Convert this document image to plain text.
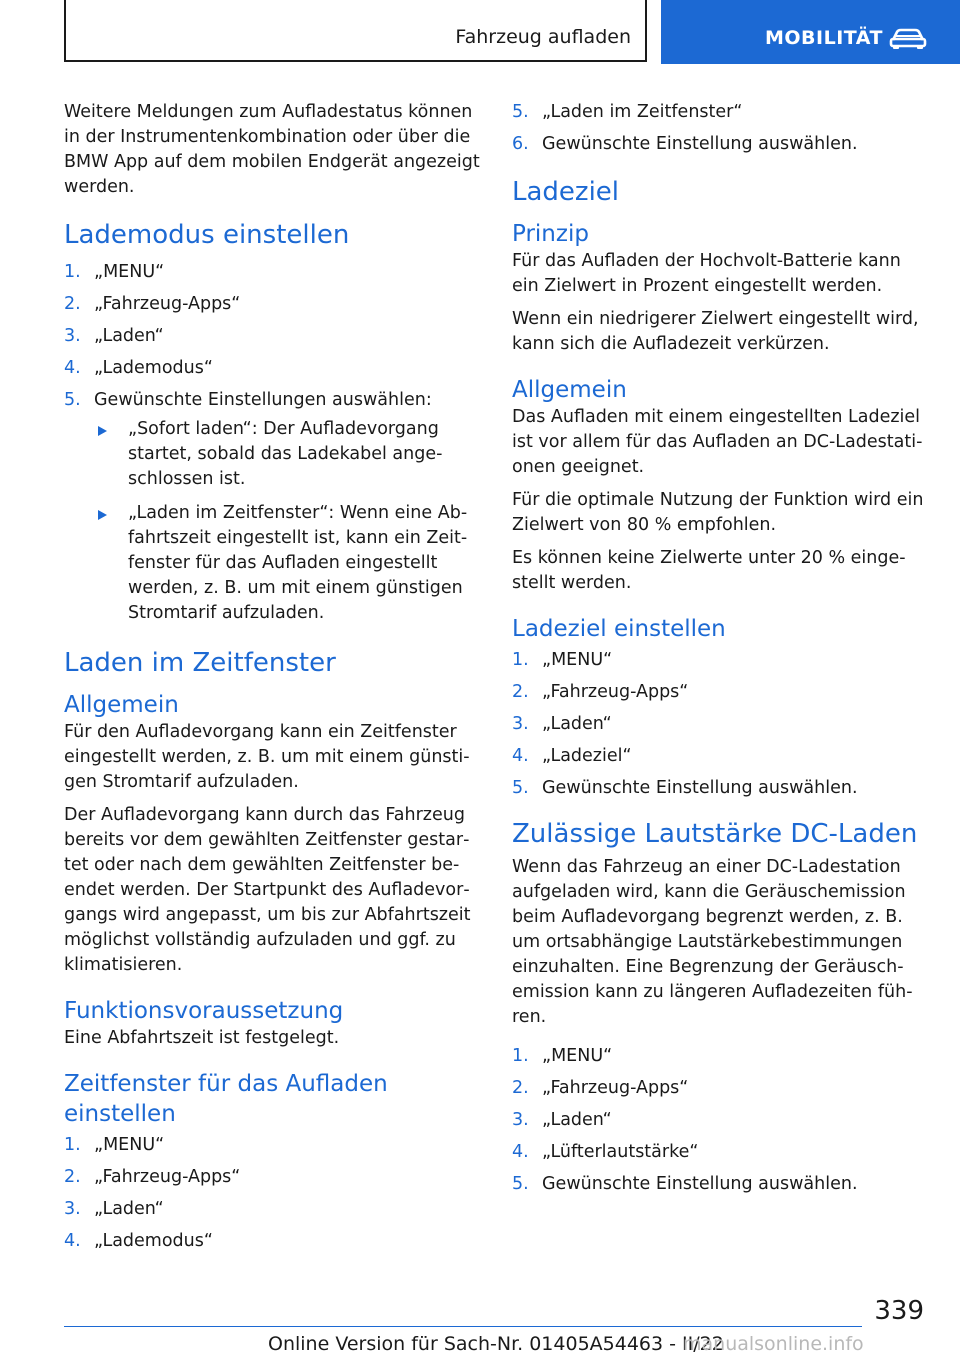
Fahrzeug aufladen	MOBILITÄT

Weitere Meldungen zum Aufladestatus können in der Instrumentenkombination oder über die BMW App auf dem mobilen Endgerät angezeigt werden.

Lademodus einstellen
1. „MENU“
2. „Fahrzeug-Apps“
3. „Laden“
4. „Lademodus“
5. Gewünschte Einstellungen auswählen:
„Sofort laden“: Der Aufladevorgang startet, sobald das Ladekabel angeschlossen ist.
„Laden im Zeitfenster“: Wenn eine Abfahrtszeit eingestellt ist, kann ein Zeitfenster für das Aufladen eingestellt werden, z. B. um mit einem günstigen Stromtarif aufzuladen.
Laden im Zeitfenster
Allgemein

Für den Aufladevorgang kann ein Zeitfenster eingestellt werden, z. B. um mit einem günstigen Stromtarif aufzuladen.

Der Aufladevorgang kann durch das Fahrzeug bereits vor dem gewählten Zeitfenster gestartet oder nach dem gewählten Zeitfenster beendet werden. Der Startpunkt des Aufladevorgangs wird angepasst, um bis zur Abfahrtszeit möglichst vollständig aufzuladen und ggf. zu klimatisieren.

Funktionsvoraussetzung

Eine Abfahrtszeit ist festgelegt.

Zeitfenster für das Aufladen einstellen
1. „MENU“
2. „Fahrzeug-Apps“
3. „Laden“
4. „Lademodus“
5. „Laden im Zeitfenster“
6. Gewünschte Einstellung auswählen.
Ladeziel
Prinzip

Für das Aufladen der Hochvolt-Batterie kann ein Zielwert in Prozent eingestellt werden.

Wenn ein niedrigerer Zielwert eingestellt wird, kann sich die Aufladezeit verkürzen.

Allgemein

Das Aufladen mit einem eingestellten Ladeziel ist vor allem für das Aufladen an DC-Ladestationen geeignet.

Für die optimale Nutzung der Funktion wird ein Zielwert von 80 % empfohlen.

Es können keine Zielwerte unter 20 % eingestellt werden.

Ladeziel einstellen
1. „MENU“
2. „Fahrzeug-Apps“
3. „Laden“
4. „Ladeziel“
5. Gewünschte Einstellung auswählen.
Zulässige Lautstärke DC-Laden

Wenn das Fahrzeug an einer DC-Ladestation aufgeladen wird, kann die Geräuschemission beim Aufladevorgang begrenzt werden, z. B. um ortsabhängige Lautstärkebestimmungen einzuhalten. Eine Begrenzung der Geräuschemission kann zu längeren Aufladezeiten führen.

1. „MENU“
2. „Fahrzeug-Apps“
3. „Laden“
4. „Lüfterlautstärke“
5. Gewünschte Einstellung auswählen.
339
Online Version für Sach-Nr. 01405A54463 - II/22
manualsonline.info
